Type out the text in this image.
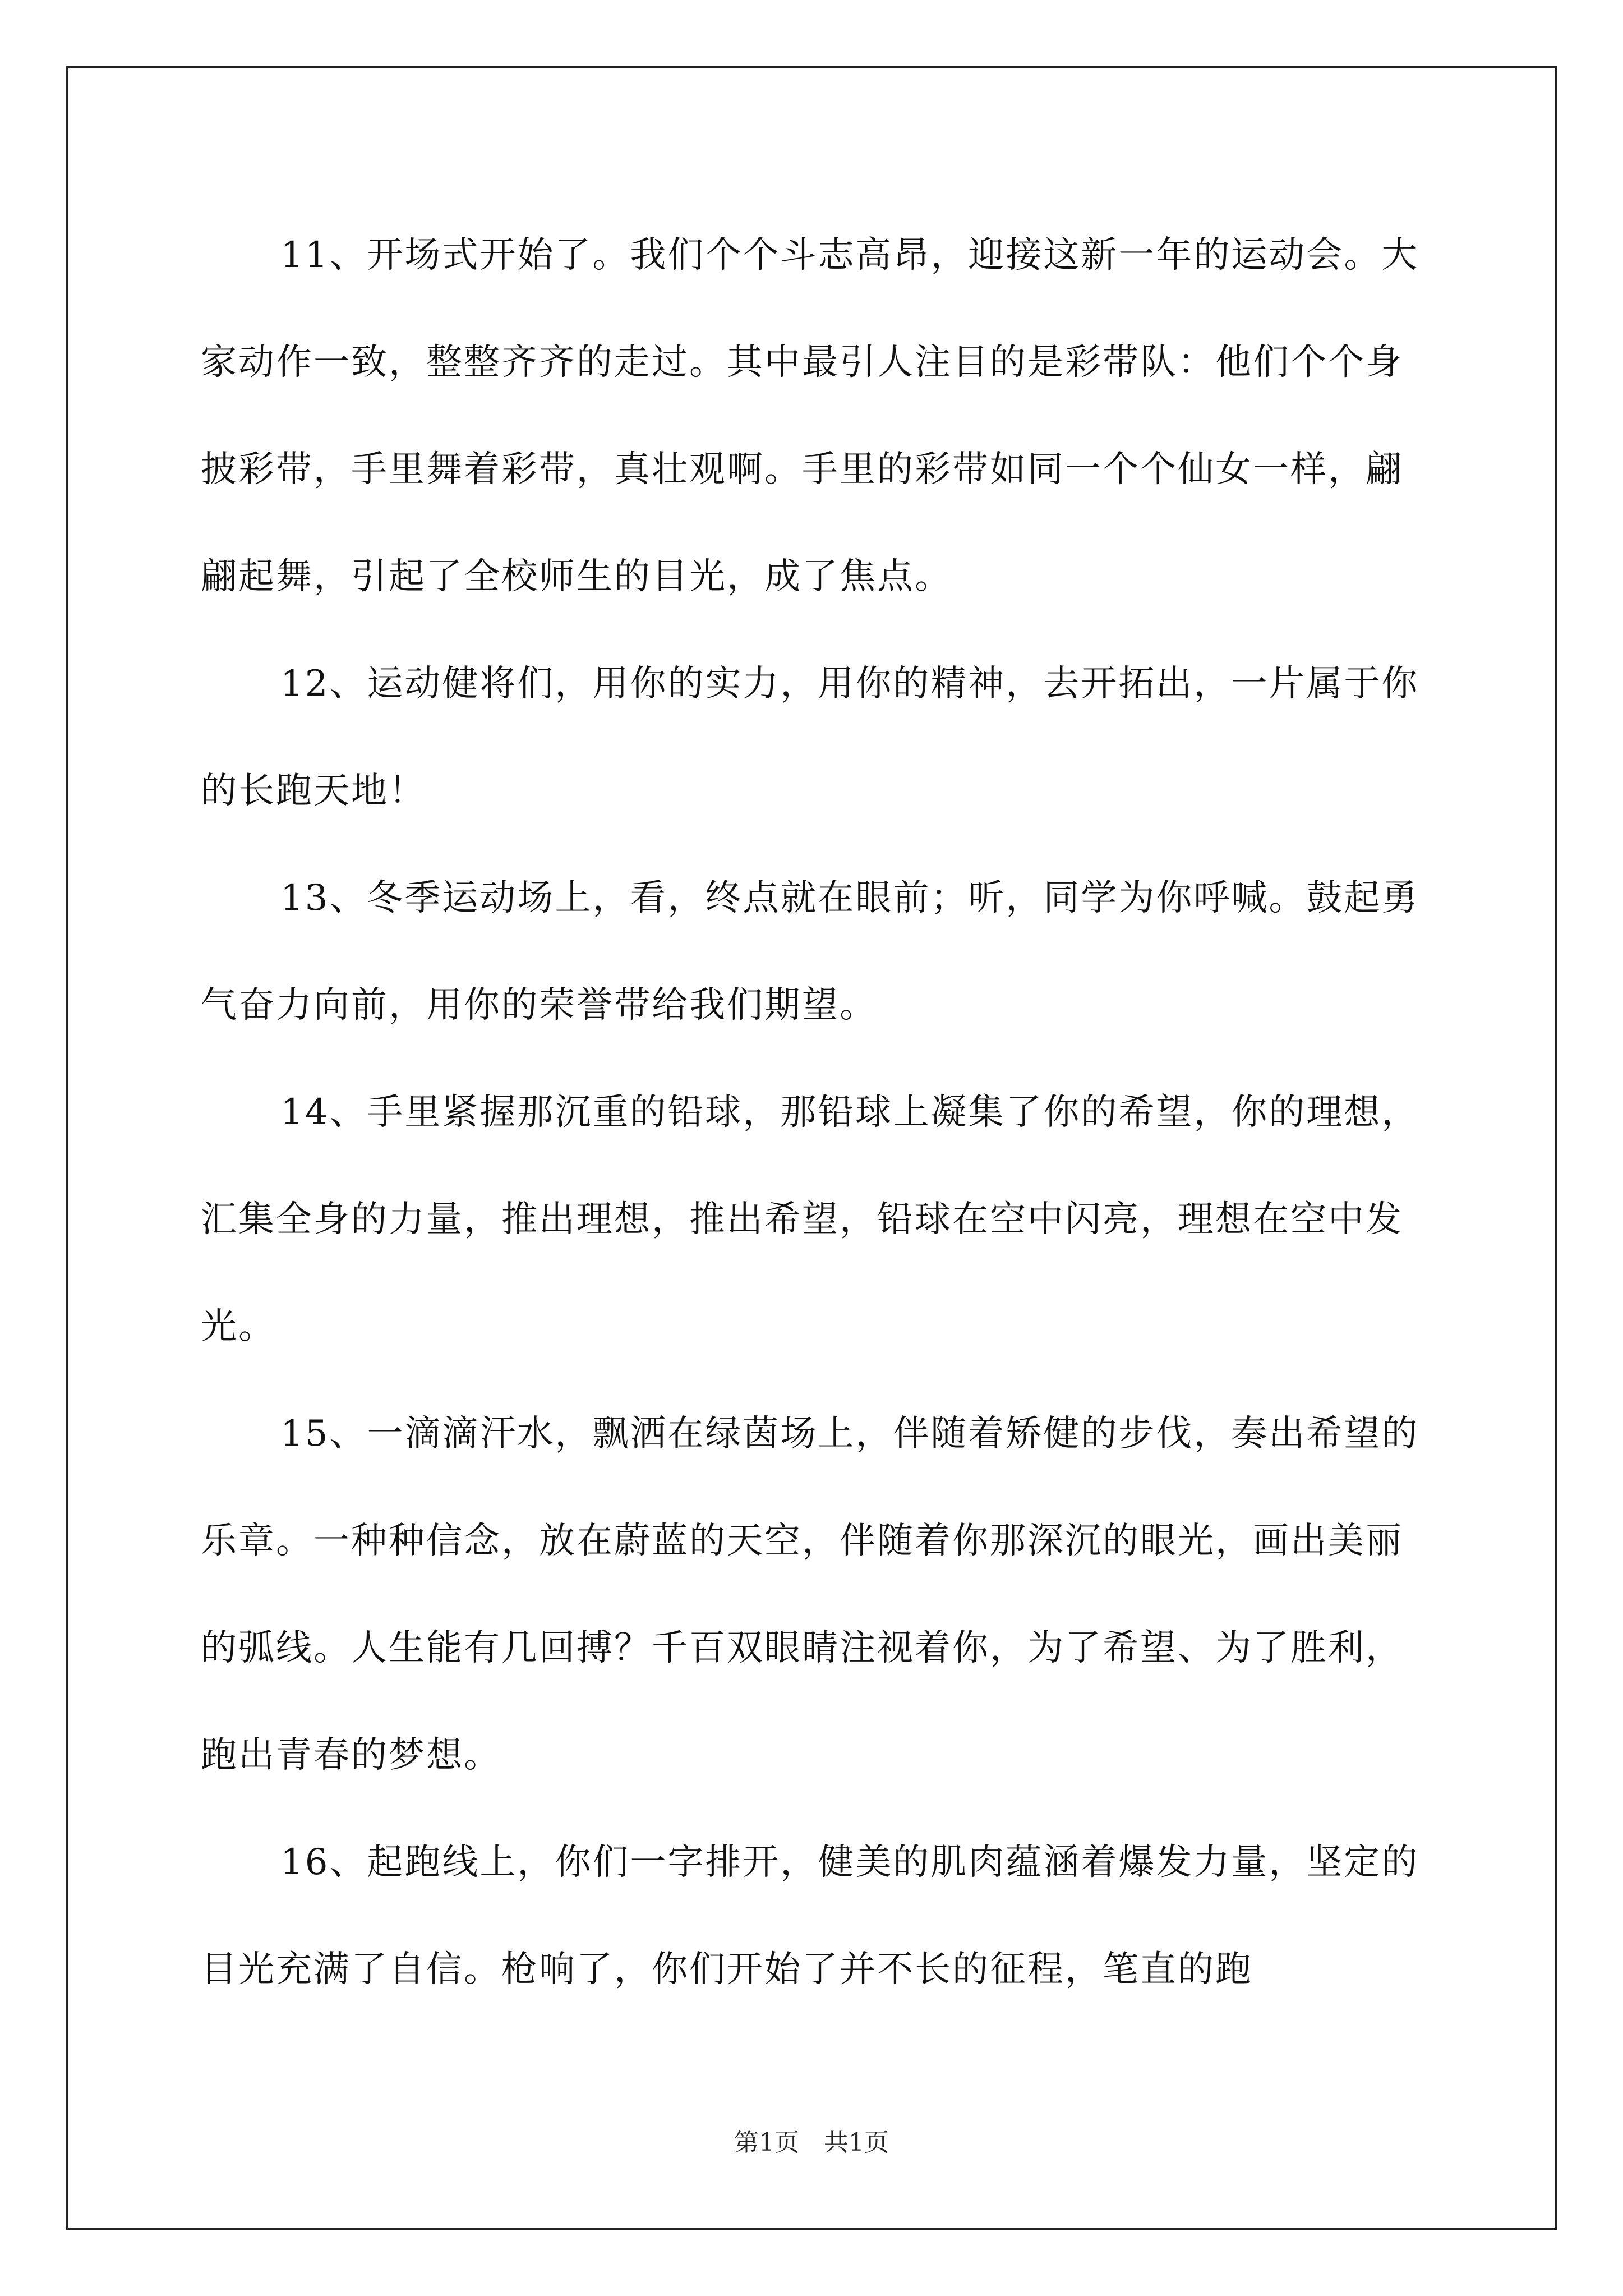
11、开场式开始了。我们个个斗志高昂，迎接这新一年的运动会。大家动作一致，整整齐齐的走过。其中最引人注目的是彩带队：他们个个身披彩带，手里舞着彩带，真壮观啊。手里的彩带如同一个个仙女一样，翩翩起舞，引起了全校师生的目光，成了焦点。

12、运动健将们，用你的实力，用你的精神，去开拓出，一片属于你的长跑天地！

13、冬季运动场上，看，终点就在眼前；听，同学为你呼喊。鼓起勇气奋力向前，用你的荣誉带给我们期望。

14、手里紧握那沉重的铅球，那铅球上凝集了你的希望，你的理想，汇集全身的力量，推出理想，推出希望，铅球在空中闪亮，理想在空中发光。

15、一滴滴汗水，飘洒在绿茵场上，伴随着矫健的步伐，奏出希望的乐章。一种种信念，放在蔚蓝的天空，伴随着你那深沉的眼光，画出美丽的弧线。人生能有几回搏？千百双眼睛注视着你，为了希望、为了胜利，跑出青春的梦想。

16、起跑线上，你们一字排开，健美的肌肉蕴涵着爆发力量，坚定的目光充满了自信。枪响了，你们开始了并不长的征程，笔直的跑

第1页　共1页
